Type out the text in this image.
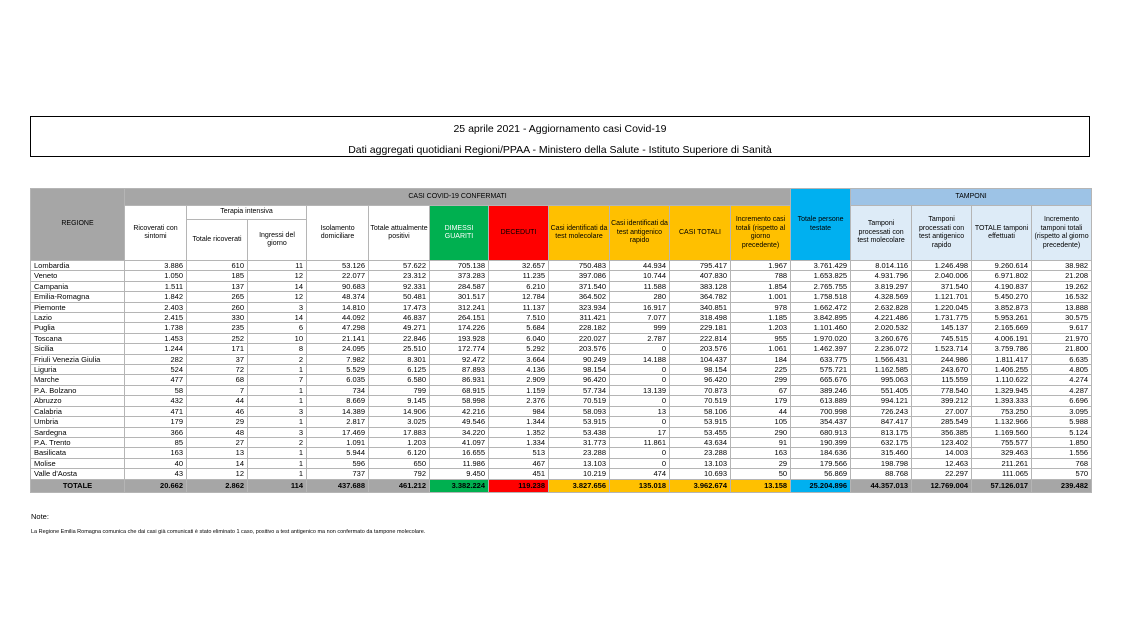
25 aprile 2021 - Aggiornamento casi Covid-19
Dati aggregati quotidiani Regioni/PPAA - Ministero della Salute - Istituto Superiore di Sanità
REGIONE	CASI COVID-19 CONFERMATI											Totale persone testate	TAMPONI			
	Ricoverati con sintomi	Terapia intensiva		Isolamento domiciliare	Totale attualmente positivi	DIMESSI GUARITI	DECEDUTI	Casi identificati da test molecolare	Casi identificati da test antigenico rapido	CASI TOTALI	Incremento casi totali (rispetto al giorno precedente)		Tamponi processati con test molecolare	Tamponi processati con test antigenico rapido	TOTALE tamponi effettuati	Incremento tamponi totali (rispetto al giorno precedente)
		Totale ricoverati	Ingressi del giorno													
Lombardia	3.886	610	11	53.126	57.622	705.138	32.657	750.483	44.934	795.417	1.967	3.761.429	8.014.116	1.246.498	9.260.614	38.982
Veneto	1.050	185	12	22.077	23.312	373.283	11.235	397.086	10.744	407.830	788	1.653.825	4.931.796	2.040.006	6.971.802	21.208
Campania	1.511	137	14	90.683	92.331	284.587	6.210	371.540	11.588	383.128	1.854	2.765.755	3.819.297	371.540	4.190.837	19.262
Emilia-Romagna	1.842	265	12	48.374	50.481	301.517	12.784	364.502	280	364.782	1.001	1.758.518	4.328.569	1.121.701	5.450.270	16.532
Piemonte	2.403	260	3	14.810	17.473	312.241	11.137	323.934	16.917	340.851	978	1.662.472	2.632.828	1.220.045	3.852.873	13.888
Lazio	2.415	330	14	44.092	46.837	264.151	7.510	311.421	7.077	318.498	1.185	3.842.895	4.221.486	1.731.775	5.953.261	30.575
Puglia	1.738	235	6	47.298	49.271	174.226	5.684	228.182	999	229.181	1.203	1.101.460	2.020.532	145.137	2.165.669	9.617
Toscana	1.453	252	10	21.141	22.846	193.928	6.040	220.027	2.787	222.814	955	1.970.020	3.260.676	745.515	4.006.191	21.970
Sicilia	1.244	171	8	24.095	25.510	172.774	5.292	203.576	0	203.576	1.061	1.462.397	2.236.072	1.523.714	3.759.786	21.800
Friuli Venezia Giulia	282	37	2	7.982	8.301	92.472	3.664	90.249	14.188	104.437	184	633.775	1.566.431	244.986	1.811.417	6.635
Liguria	524	72	1	5.529	6.125	87.893	4.136	98.154	0	98.154	225	575.721	1.162.585	243.670	1.406.255	4.805
Marche	477	68	7	6.035	6.580	86.931	2.909	96.420	0	96.420	299	665.676	995.063	115.559	1.110.622	4.274
P.A. Bolzano	58	7	1	734	799	68.915	1.159	57.734	13.139	70.873	67	389.246	551.405	778.540	1.329.945	4.287
Abruzzo	432	44	1	8.669	9.145	58.998	2.376	70.519	0	70.519	179	613.889	994.121	399.212	1.393.333	6.696
Calabria	471	46	3	14.389	14.906	42.216	984	58.093	13	58.106	44	700.998	726.243	27.007	753.250	3.095
Umbria	179	29	1	2.817	3.025	49.546	1.344	53.915	0	53.915	105	354.437	847.417	285.549	1.132.966	5.988
Sardegna	366	48	3	17.469	17.883	34.220	1.352	53.438	17	53.455	290	680.913	813.175	356.385	1.169.560	5.124
P.A. Trento	85	27	2	1.091	1.203	41.097	1.334	31.773	11.861	43.634	91	190.399	632.175	123.402	755.577	1.850
Basilicata	163	13	1	5.944	6.120	16.655	513	23.288	0	23.288	163	184.636	315.460	14.003	329.463	1.556
Molise	40	14	1	596	650	11.986	467	13.103	0	13.103	29	179.566	198.798	12.463	211.261	768
Valle d'Aosta	43	12	1	737	792	9.450	451	10.219	474	10.693	50	56.869	88.768	22.297	111.065	570
TOTALE	20.662	2.862	114	437.688	461.212	3.382.224	119.238	3.827.656	135.018	3.962.674	13.158	25.204.896	44.357.013	12.769.004	57.126.017	239.482
Note:
La Regione Emilia Romagna comunica che dai casi già comunicati è stato eliminato 1 caso, positivo a test antigenico ma non confermato da tampone molecolare.
